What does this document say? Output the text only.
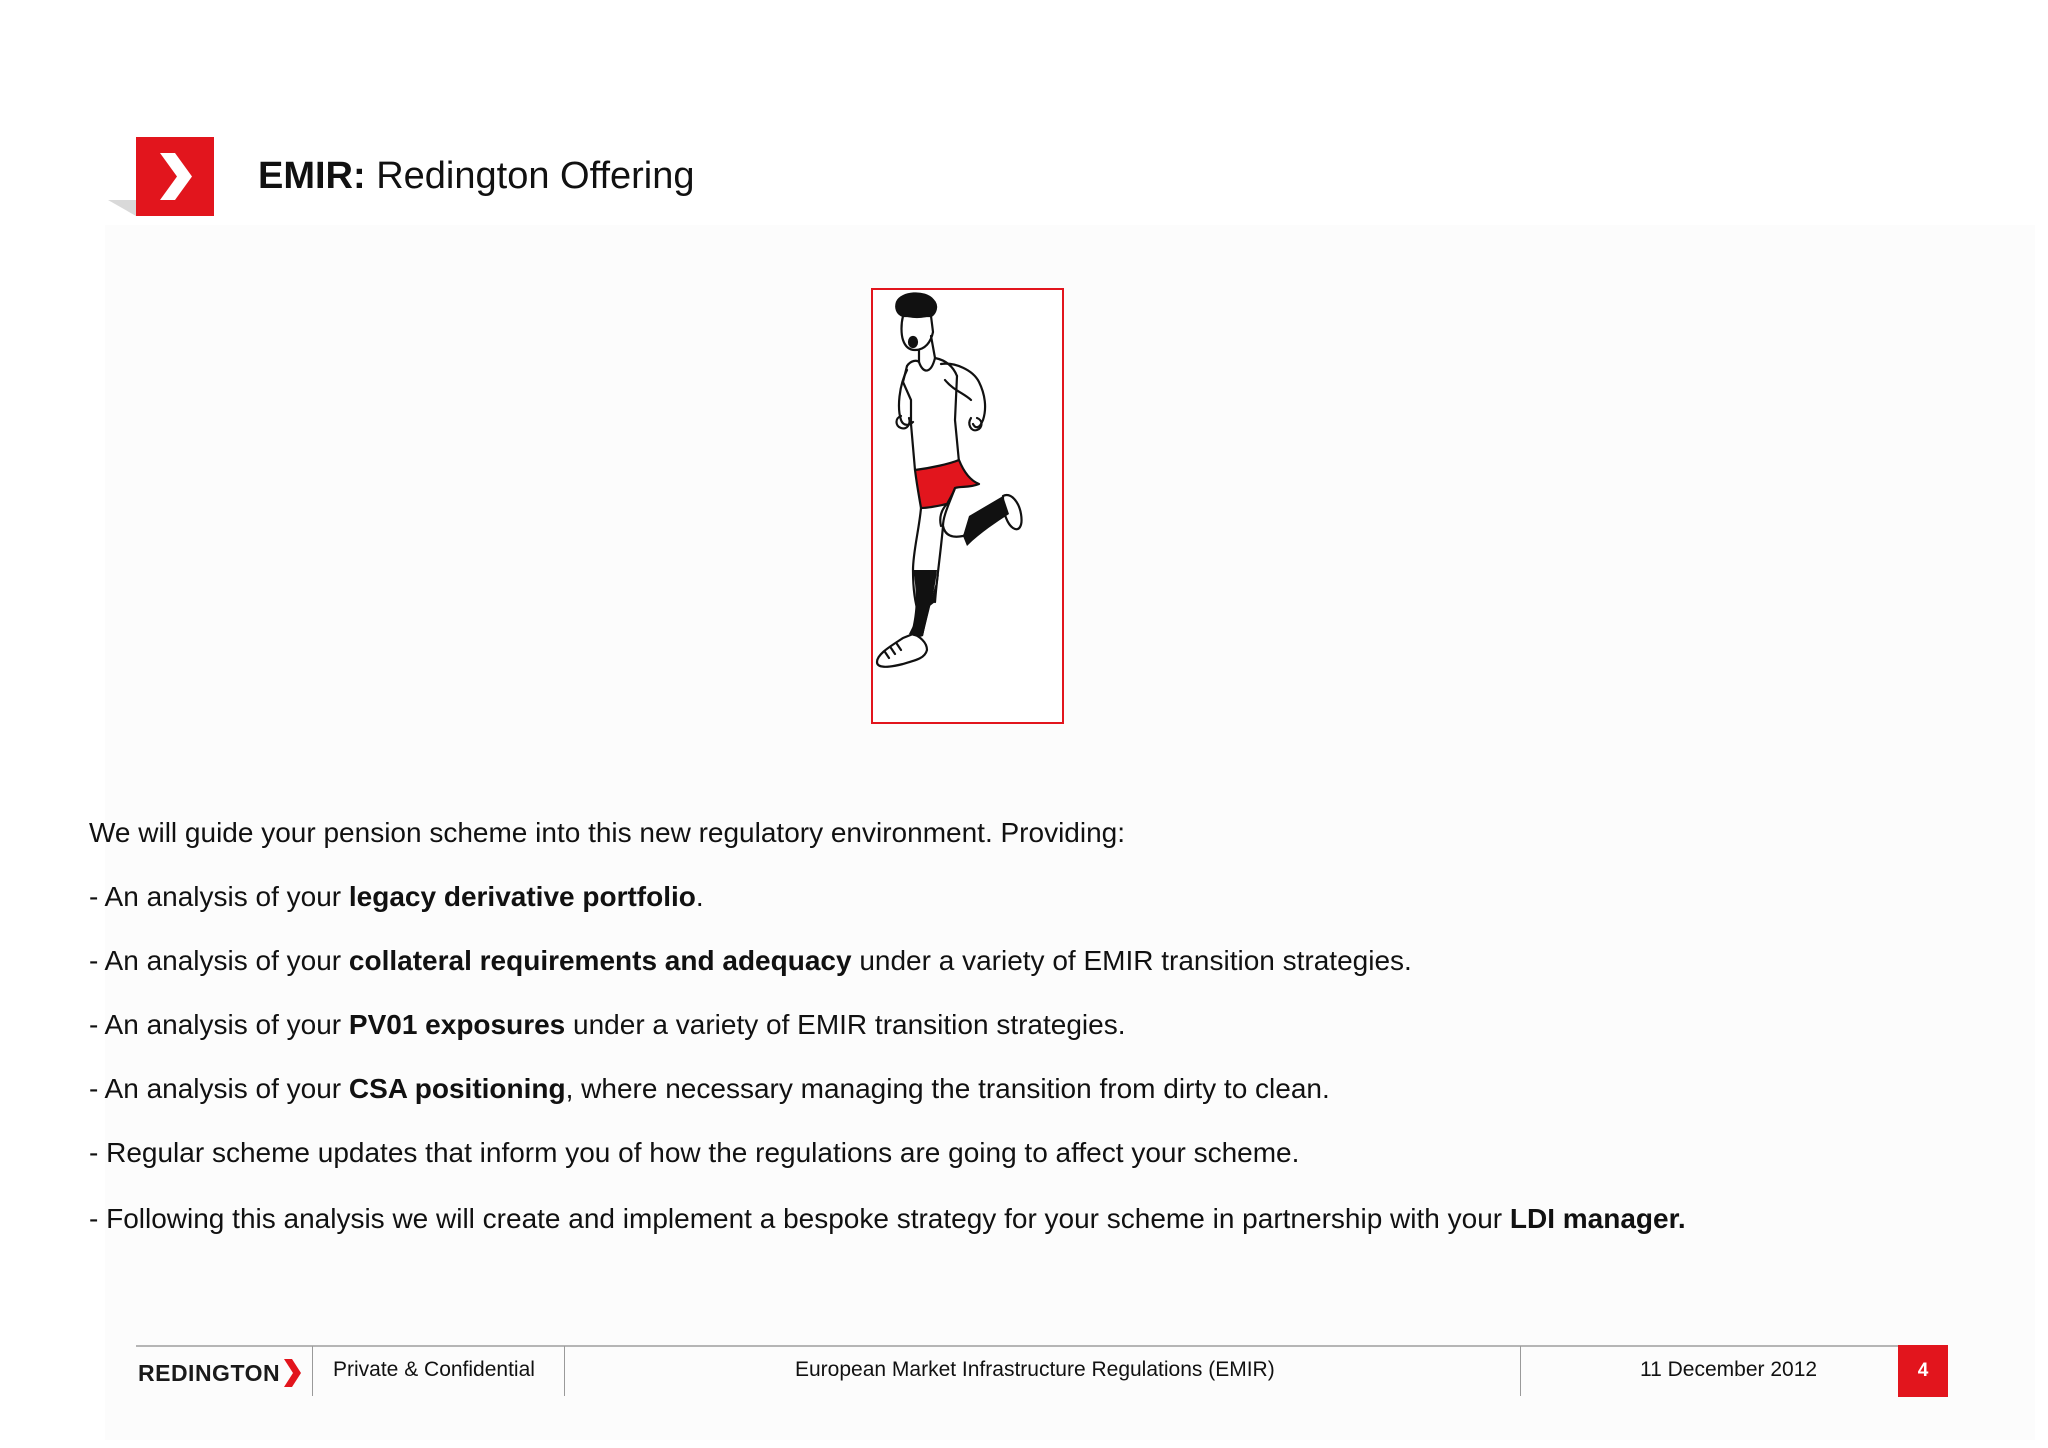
EMIR: Redington Offering

We will guide your pension scheme into this new regulatory environment. Providing:

- An analysis of your legacy derivative portfolio.

- An analysis of your collateral requirements and adequacy under a variety of EMIR transition strategies.

- An analysis of your PV01 exposures under a variety of EMIR transition strategies.

- An analysis of your CSA positioning, where necessary managing the transition from dirty to clean.

- Regular scheme updates that inform you of how the regulations are going to affect your scheme.

- Following this analysis we will create and implement a bespoke strategy for your scheme in partnership with your LDI manager.

REDINGTON	Private & Confidential	European Market Infrastructure Regulations (EMIR)	11 December 2012	4
